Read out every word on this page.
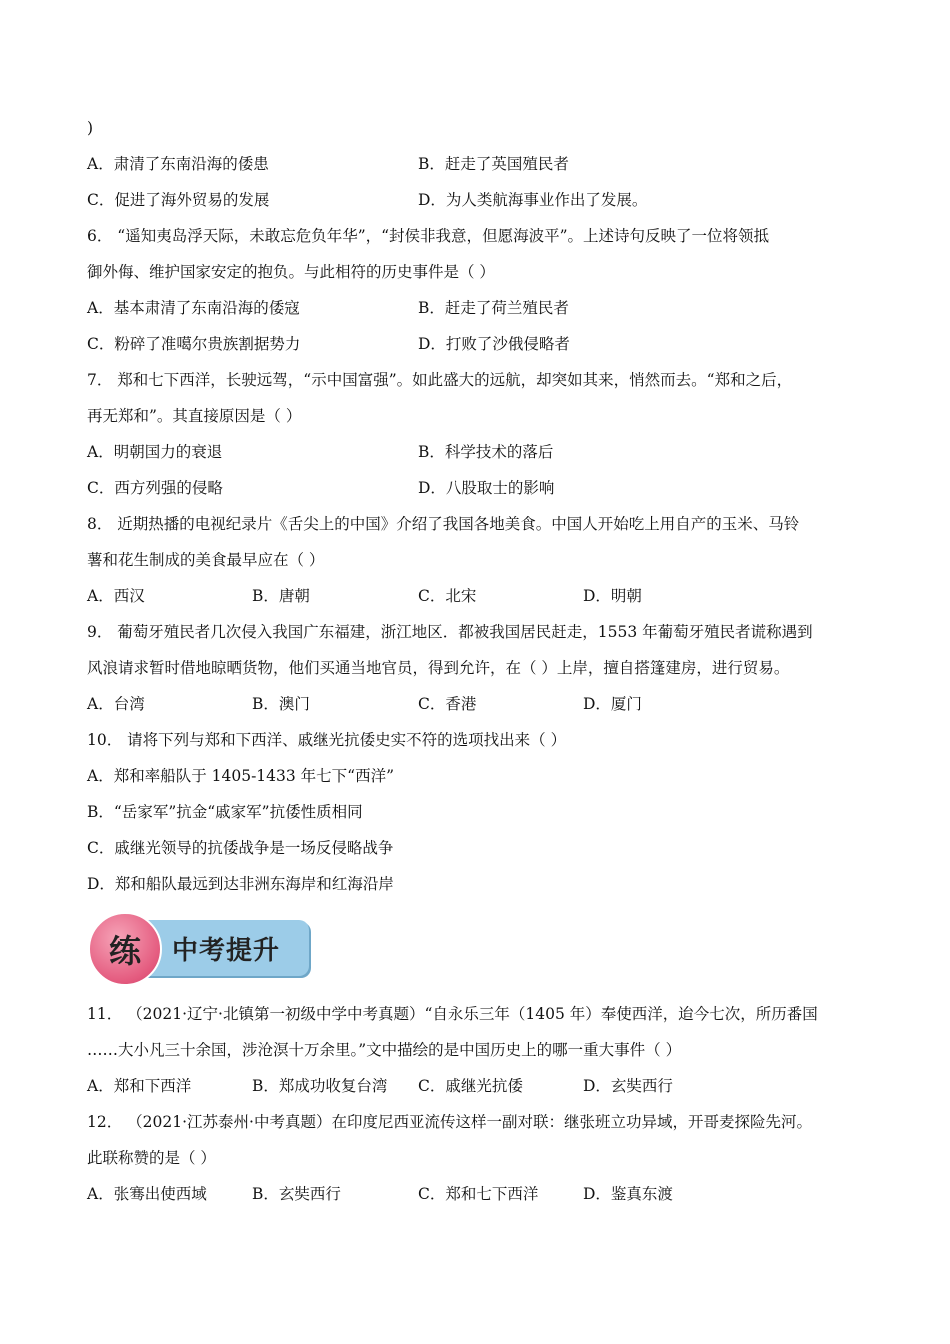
)
A．肃清了东南沿海的倭患	B．赶走了英国殖民者
C．促进了海外贸易的发展	D．为人类航海事业作出了发展。
6． “遥知夷岛浮天际，未敢忘危负年华”，“封侯非我意，但愿海波平”。上述诗句反映了一位将领抵
御外侮、维护国家安定的抱负。与此相符的历史事件是（ ）
A．基本肃清了东南沿海的倭寇	B．赶走了荷兰殖民者
C．粉碎了准噶尔贵族割据势力	D．打败了沙俄侵略者
7． 郑和七下西洋，长驶远驾，“示中国富强”。如此盛大的远航，却突如其来，悄然而去。“郑和之后，
再无郑和”。其直接原因是（ ）
A．明朝国力的衰退	B．科学技术的落后
C．西方列强的侵略	D．八股取士的影响
8． 近期热播的电视纪录片《舌尖上的中国》介绍了我国各地美食。中国人开始吃上用自产的玉米、马铃
薯和花生制成的美食最早应在（ ）
A．西汉	B．唐朝	C．北宋	D．明朝
9． 葡萄牙殖民者几次侵入我国广东福建，浙江地区．都被我国居民赶走，1553 年葡萄牙殖民者谎称遇到
风浪请求暂时借地晾晒货物，他们买通当地官员，得到允许，在（ ）上岸，擅自搭篷建房，进行贸易。
A．台湾	B．澳门	C．香港	D．厦门
10． 请将下列与郑和下西洋、戚继光抗倭史实不符的选项找出来（ ）
A．郑和率船队于 1405-1433 年七下“西洋”
B．“岳家军”抗金“戚家军”抗倭性质相同
C．戚继光领导的抗倭战争是一场反侵略战争
D．郑和船队最远到达非洲东海岸和红海沿岸
练	中考提升
11． （2021·辽宁·北镇第一初级中学中考真题）“自永乐三年（1405 年）奉使西洋，迨今七次，所历番国
……大小凡三十余国，涉沧溟十万余里。”文中描绘的是中国历史上的哪一重大事件（ ）
A．郑和下西洋	B．郑成功收复台湾 C．戚继光抗倭	D．玄奘西行
12． （2021·江苏泰州·中考真题）在印度尼西亚流传这样一副对联：继张班立功异域，开哥麦探险先河。
此联称赞的是（ ）
A．张骞出使西域	B．玄奘西行	C．郑和七下西洋	D．鉴真东渡
